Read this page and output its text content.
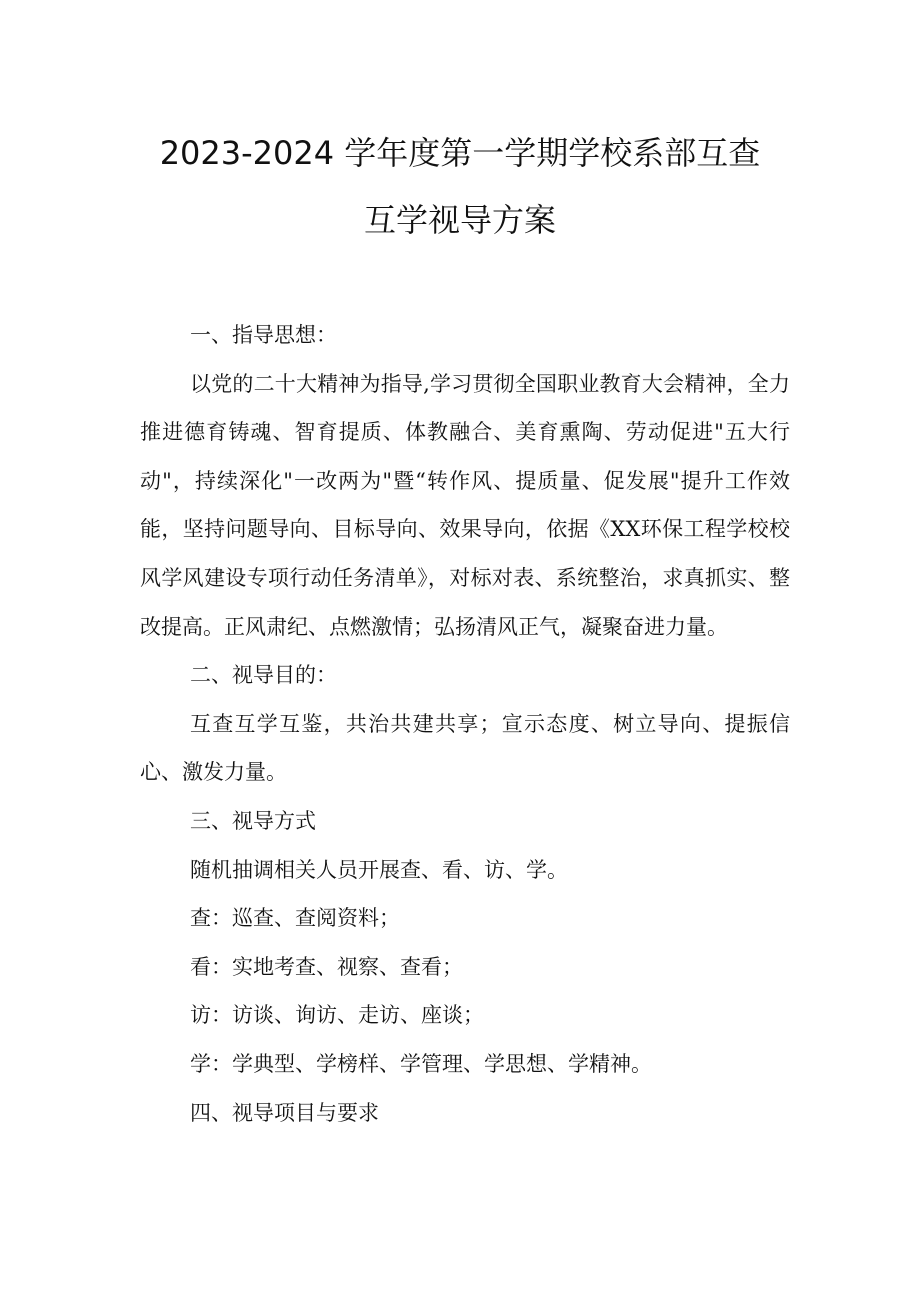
2023-2024 学年度第一学期学校系部互查
互学视导方案

一、指导思想：

以党的二十大精神为指导,学习贯彻全国职业教育大会精神，全力推进德育铸魂、智育提质、体教融合、美育熏陶、劳动促进"五大行动"，持续深化"一改两为"暨“转作风、提质量、促发展"提升工作效能，坚持问题导向、目标导向、效果导向，依据《XX环保工程学校校风学风建设专项行动任务清单》，对标对表、系统整治，求真抓实、整改提高。正风肃纪、点燃激情；弘扬清风正气，凝聚奋进力量。

二、视导目的：

互查互学互鉴，共治共建共享；宣示态度、树立导向、提振信心、激发力量。

三、视导方式

随机抽调相关人员开展查、看、访、学。

查：巡查、查阅资料；

看：实地考查、视察、查看；

访：访谈、询访、走访、座谈；

学：学典型、学榜样、学管理、学思想、学精神。

四、视导项目与要求
